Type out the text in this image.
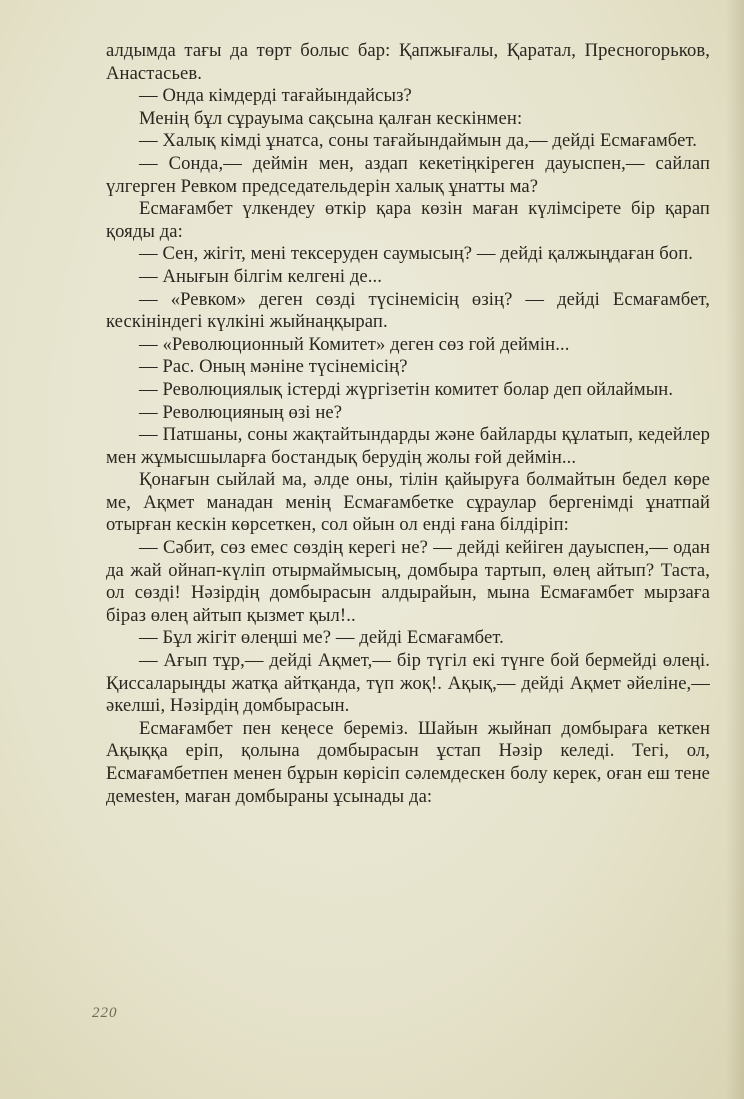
алдымда тағы да төрт болыс бар: Қапжығалы, Қаратал, Пресногорьков, Анастасьев.

— Онда кімдерді тағайындайсыз?

Менің бұл сұрауыма сақсына қалған кескінмен:

— Халық кімді ұнатса, соны тағайындаймын да,— дейді Есмағамбет.

— Сонда,— деймін мен, аздап кекетіңкіреген дауыспен,— сайлап үлгерген Ревком председательдерін халық ұнатты ма?

Есмағамбет үлкендеу өткір қара көзін маған күлімсірете бір қарап қояды да:

— Сен, жігіт, мені тексеруден саумысың? — дейді қалжыңдаған боп.

— Анығын білгім келгені де...

— «Ревком» деген сөзді түсінемісің өзің? — дейді Есмағамбет, кескініндегі күлкіні жыйнаңқырап.

— «Революционный Комитет» деген сөз гой деймін...

— Рас. Оның мәніне түсінемісің?

— Революциялық істерді жүргізетін комитет болар деп ойлаймын.

— Революцияның өзі не?

— Патшаны, соны жақтайтындарды және байларды құлатып, кедейлер мен жұмысшыларға бостандық берудің жолы ғой деймін...

Қонағын сыйлай ма, әлде оны, тілін қайыруға болмайтын бедел көре ме, Ақмет манадан менің Есмағамбетке сұраулар бергенімді ұнатпай отырған кескін көрсеткен, сол ойын ол енді ғана білдіріп:

— Сәбит, сөз емес сөздің керегі не? — дейді кейіген дауыспен,— одан да жай ойнап-күліп отырмаймысың, домбыра тартып, өлең айтып? Таста, ол сөзді! Нәзірдің домбырасын алдырайын, мына Есмағамбет мырзаға біраз өлең айтып қызмет қыл!..

— Бұл жігіт өлеңші ме? — дейді Есмағамбет.

— Ағып тұр,— дейді Ақмет,— бір түгіл екі түнге бой бермейді өлеңі. Қиссаларыңды жатқа айтқанда, түп жоқ!. Ақық,— дейді Ақмет әйеліне,— әкелші, Нәзірдің домбырасын.

Есмағамбет пен кеңесе береміз. Шайын жыйнап домбыраға кеткен Ақыққа еріп, қолына домбырасын ұстап Нәзір келеді. Тегі, ол, Есмағамбетпен менен бұрын көрісіп сәлемдескен болу керек, оған еш тене демestен, маған домбыраны ұсынады да:

220
